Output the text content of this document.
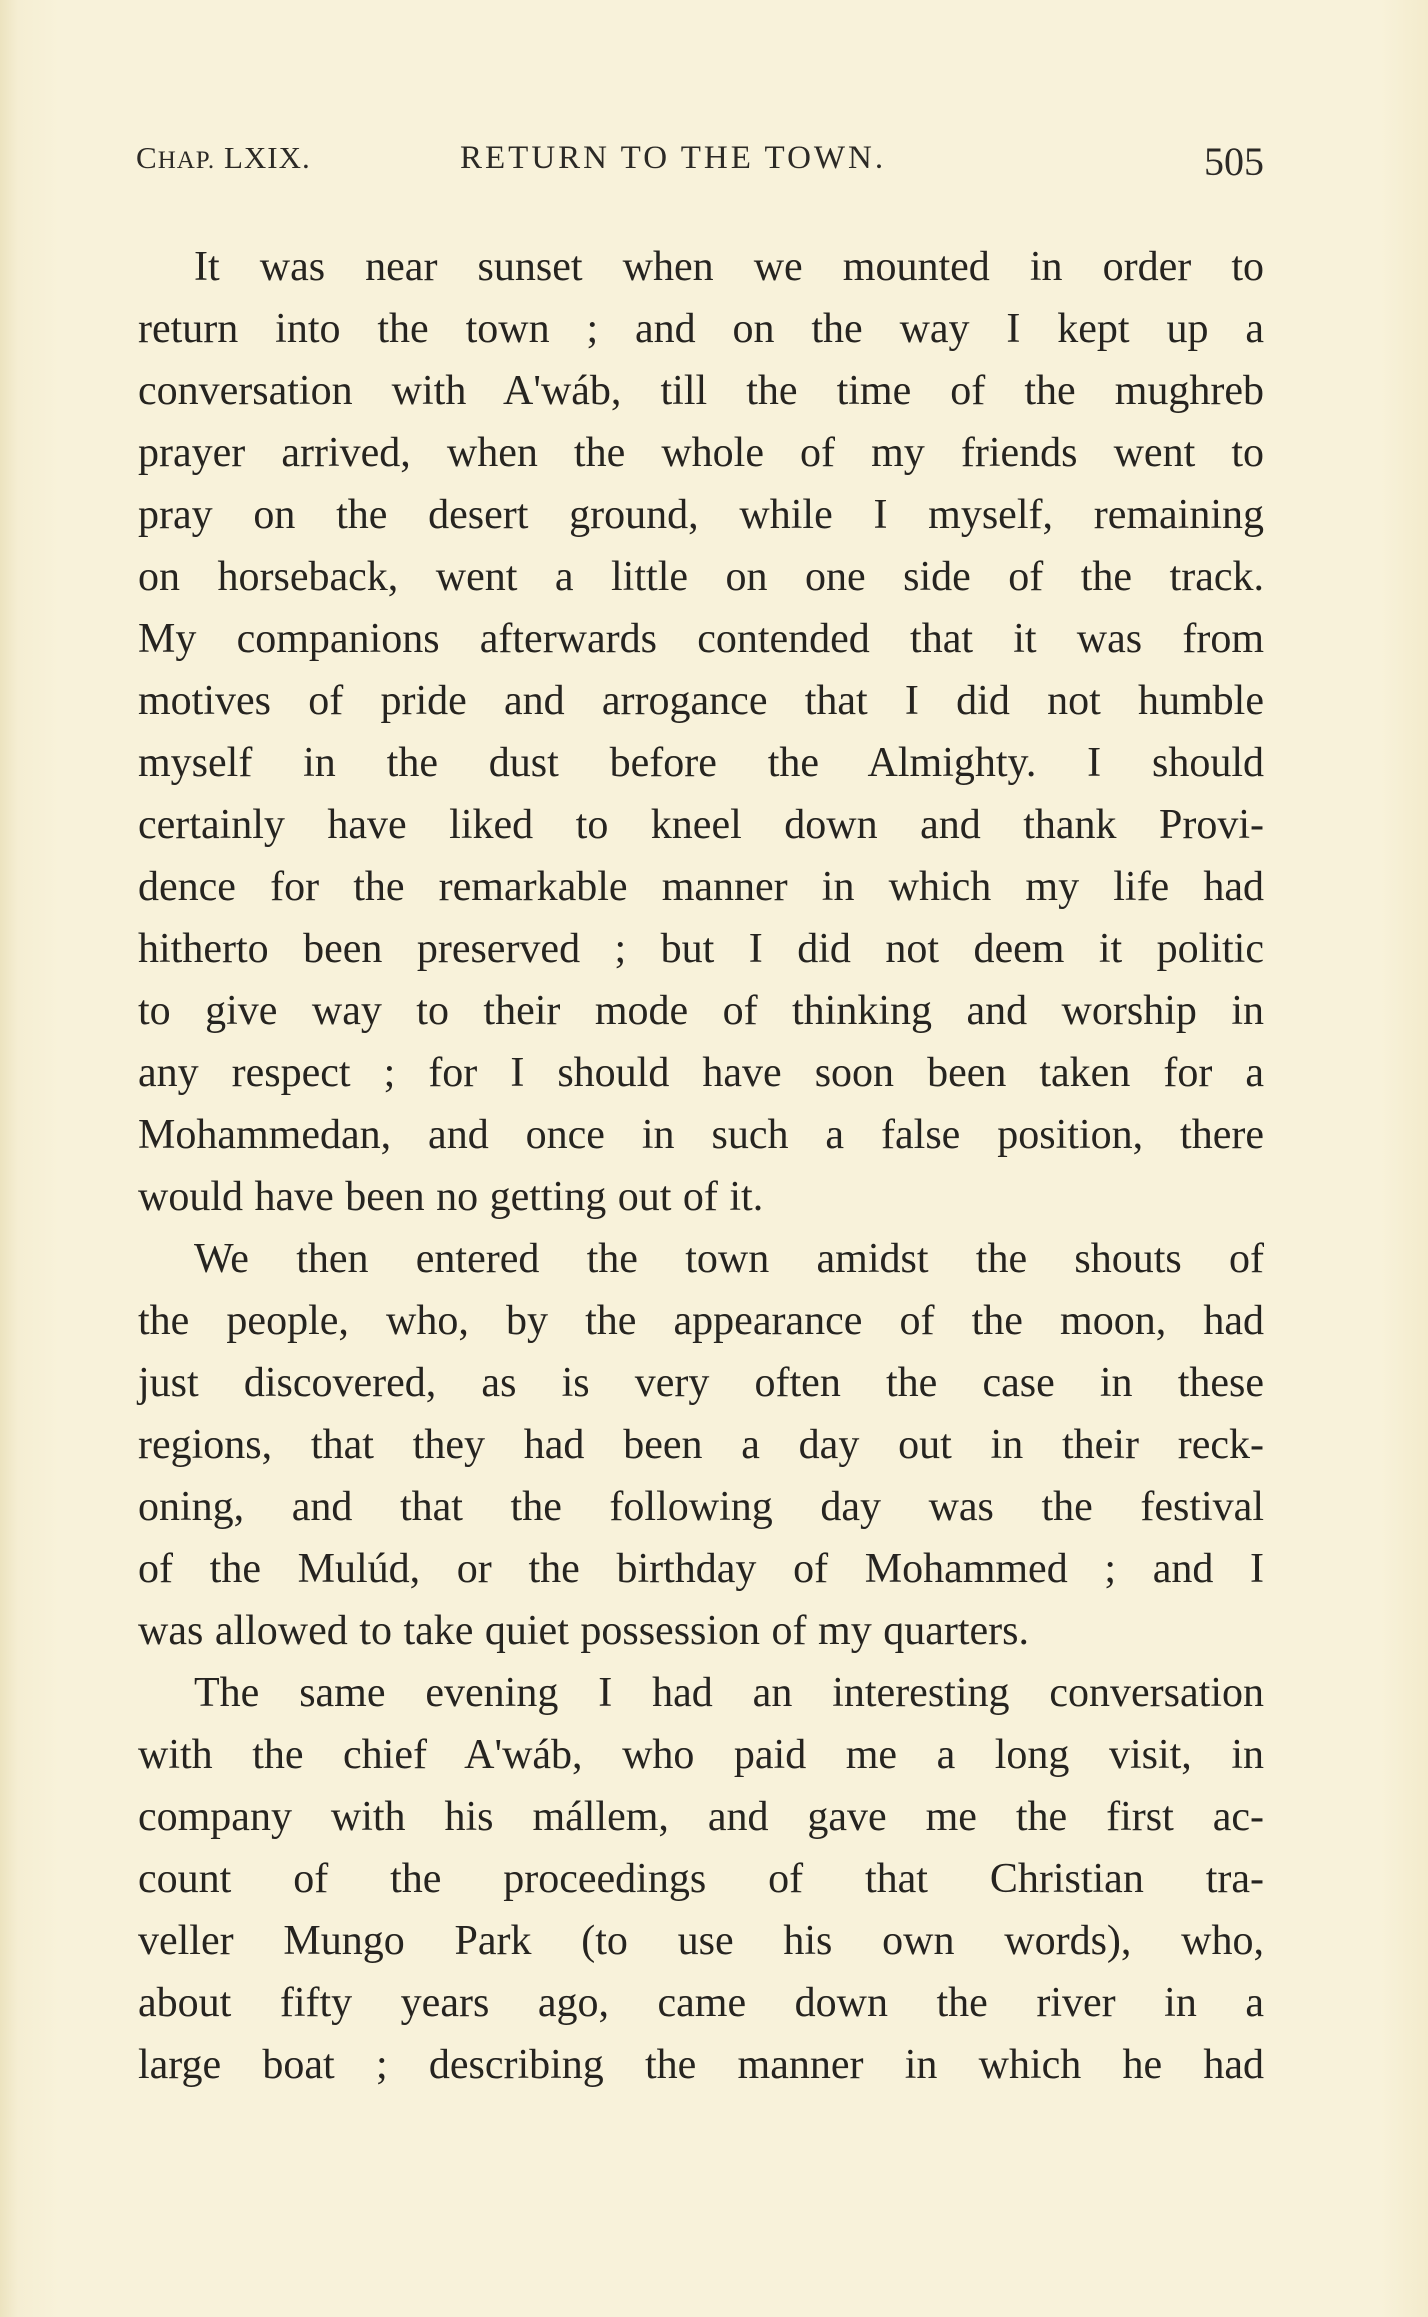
CHAP. LXIX.	RETURN TO THE TOWN.	505
It was near sunset when we mounted in order to
return into the town ; and on the way I kept up a
conversation with A'wáb, till the time of the mughreb
prayer arrived, when the whole of my friends went to
pray on the desert ground, while I myself, remaining
on horseback, went a little on one side of the track.
My companions afterwards contended that it was from
motives of pride and arrogance that I did not humble
myself in the dust before the Almighty. I should
certainly have liked to kneel down and thank Provi-
dence for the remarkable manner in which my life had
hitherto been preserved ; but I did not deem it politic
to give way to their mode of thinking and worship in
any respect ; for I should have soon been taken for a
Mohammedan, and once in such a false position, there
would have been no getting out of it.
We then entered the town amidst the shouts of
the people, who, by the appearance of the moon, had
just discovered, as is very often the case in these
regions, that they had been a day out in their reck-
oning, and that the following day was the festival
of the Mulúd, or the birthday of Mohammed ; and I
was allowed to take quiet possession of my quarters.
The same evening I had an interesting conversation
with the chief A'wáb, who paid me a long visit, in
company with his mállem, and gave me the first ac-
count of the proceedings of that Christian tra-
veller Mungo Park (to use his own words), who,
about fifty years ago, came down the river in a
large boat ; describing the manner in which he had
